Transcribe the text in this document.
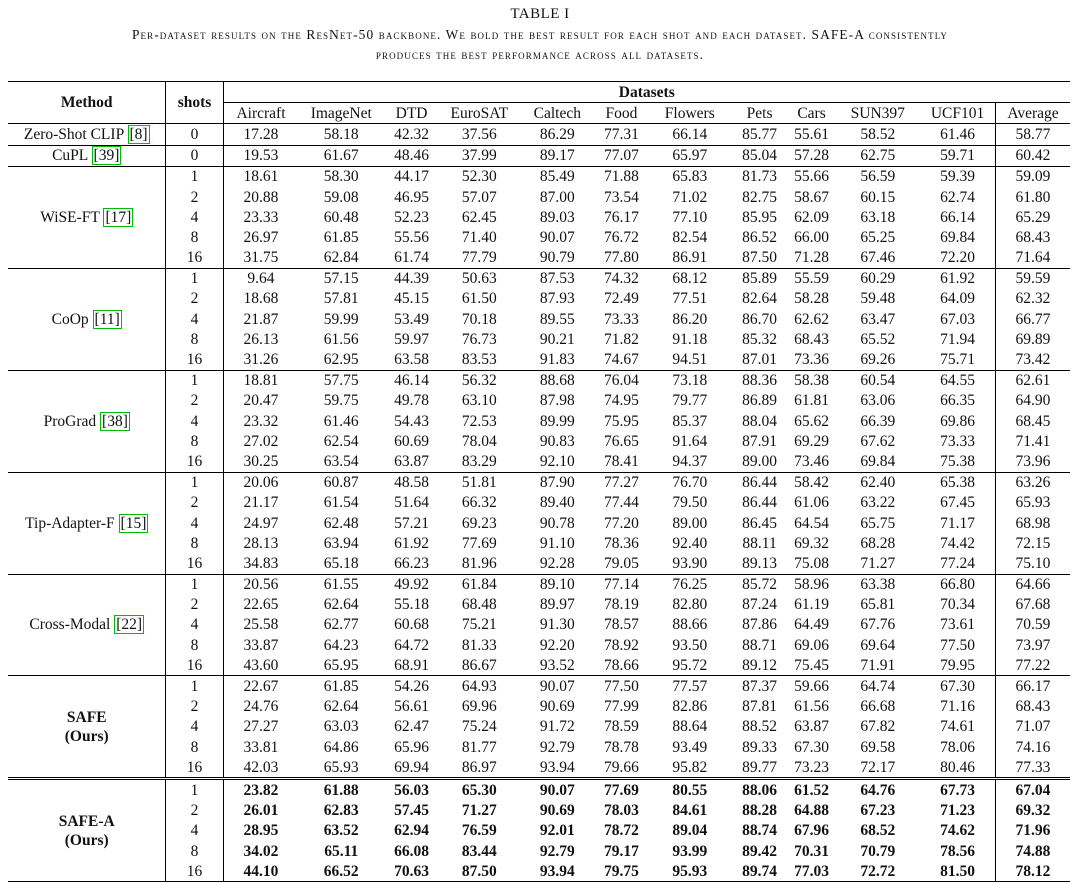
TABLE I
Per-dataset results on the ResNet-50 backbone. We bold the best result for each shot and each dataset. SAFE-A consistently
produces the best performance across all datasets.
Method	shots	Datasets											
		Aircraft	ImageNet	DTD	EuroSAT	Caltech	Food	Flowers	Pets	Cars	SUN397	UCF101	Average
Zero-Shot CLIP [8]	0	17.28	58.18	42.32	37.56	86.29	77.31	66.14	85.77	55.61	58.52	61.46	58.77
CuPL [39]	0	19.53	61.67	48.46	37.99	89.17	77.07	65.97	85.04	57.28	62.75	59.71	60.42
WiSE-FT [17]	1	18.61	58.30	44.17	52.30	85.49	71.88	65.83	81.73	55.66	56.59	59.39	59.09
	2	20.88	59.08	46.95	57.07	87.00	73.54	71.02	82.75	58.67	60.15	62.74	61.80
	4	23.33	60.48	52.23	62.45	89.03	76.17	77.10	85.95	62.09	63.18	66.14	65.29
	8	26.97	61.85	55.56	71.40	90.07	76.72	82.54	86.52	66.00	65.25	69.84	68.43
	16	31.75	62.84	61.74	77.79	90.79	77.80	86.91	87.50	71.28	67.46	72.20	71.64
CoOp [11]	1	9.64	57.15	44.39	50.63	87.53	74.32	68.12	85.89	55.59	60.29	61.92	59.59
	2	18.68	57.81	45.15	61.50	87.93	72.49	77.51	82.64	58.28	59.48	64.09	62.32
	4	21.87	59.99	53.49	70.18	89.55	73.33	86.20	86.70	62.62	63.47	67.03	66.77
	8	26.13	61.56	59.97	76.73	90.21	71.82	91.18	85.32	68.43	65.52	71.94	69.89
	16	31.26	62.95	63.58	83.53	91.83	74.67	94.51	87.01	73.36	69.26	75.71	73.42
ProGrad [38]	1	18.81	57.75	46.14	56.32	88.68	76.04	73.18	88.36	58.38	60.54	64.55	62.61
	2	20.47	59.75	49.78	63.10	87.98	74.95	79.77	86.89	61.81	63.06	66.35	64.90
	4	23.32	61.46	54.43	72.53	89.99	75.95	85.37	88.04	65.62	66.39	69.86	68.45
	8	27.02	62.54	60.69	78.04	90.83	76.65	91.64	87.91	69.29	67.62	73.33	71.41
	16	30.25	63.54	63.87	83.29	92.10	78.41	94.37	89.00	73.46	69.84	75.38	73.96
Tip-Adapter-F [15]	1	20.06	60.87	48.58	51.81	87.90	77.27	76.70	86.44	58.42	62.40	65.38	63.26
	2	21.17	61.54	51.64	66.32	89.40	77.44	79.50	86.44	61.06	63.22	67.45	65.93
	4	24.97	62.48	57.21	69.23	90.78	77.20	89.00	86.45	64.54	65.75	71.17	68.98
	8	28.13	63.94	61.92	77.69	91.10	78.36	92.40	88.11	69.32	68.28	74.42	72.15
	16	34.83	65.18	66.23	81.96	92.28	79.05	93.90	89.13	75.08	71.27	77.24	75.10
Cross-Modal [22]	1	20.56	61.55	49.92	61.84	89.10	77.14	76.25	85.72	58.96	63.38	66.80	64.66
	2	22.65	62.64	55.18	68.48	89.97	78.19	82.80	87.24	61.19	65.81	70.34	67.68
	4	25.58	62.77	60.68	75.21	91.30	78.57	88.66	87.86	64.49	67.76	73.61	70.59
	8	33.87	64.23	64.72	81.33	92.20	78.92	93.50	88.71	69.06	69.64	77.50	73.97
	16	43.60	65.95	68.91	86.67	93.52	78.66	95.72	89.12	75.45	71.91	79.95	77.22
SAFE
(Ours)	1	22.67	61.85	54.26	64.93	90.07	77.50	77.57	87.37	59.66	64.74	67.30	66.17
	2	24.76	62.64	56.61	69.96	90.69	77.99	82.86	87.81	61.56	66.68	71.16	68.43
	4	27.27	63.03	62.47	75.24	91.72	78.59	88.64	88.52	63.87	67.82	74.61	71.07
	8	33.81	64.86	65.96	81.77	92.79	78.78	93.49	89.33	67.30	69.58	78.06	74.16
	16	42.03	65.93	69.94	86.97	93.94	79.66	95.82	89.77	73.23	72.17	80.46	77.33
SAFE-A
(Ours)	1	23.82	61.88	56.03	65.30	90.07	77.69	80.55	88.06	61.52	64.76	67.73	67.04
	2	26.01	62.83	57.45	71.27	90.69	78.03	84.61	88.28	64.88	67.23	71.23	69.32
	4	28.95	63.52	62.94	76.59	92.01	78.72	89.04	88.74	67.96	68.52	74.62	71.96
	8	34.02	65.11	66.08	83.44	92.79	79.17	93.99	89.42	70.31	70.79	78.56	74.88
	16	44.10	66.52	70.63	87.50	93.94	79.75	95.93	89.74	77.03	72.72	81.50	78.12
